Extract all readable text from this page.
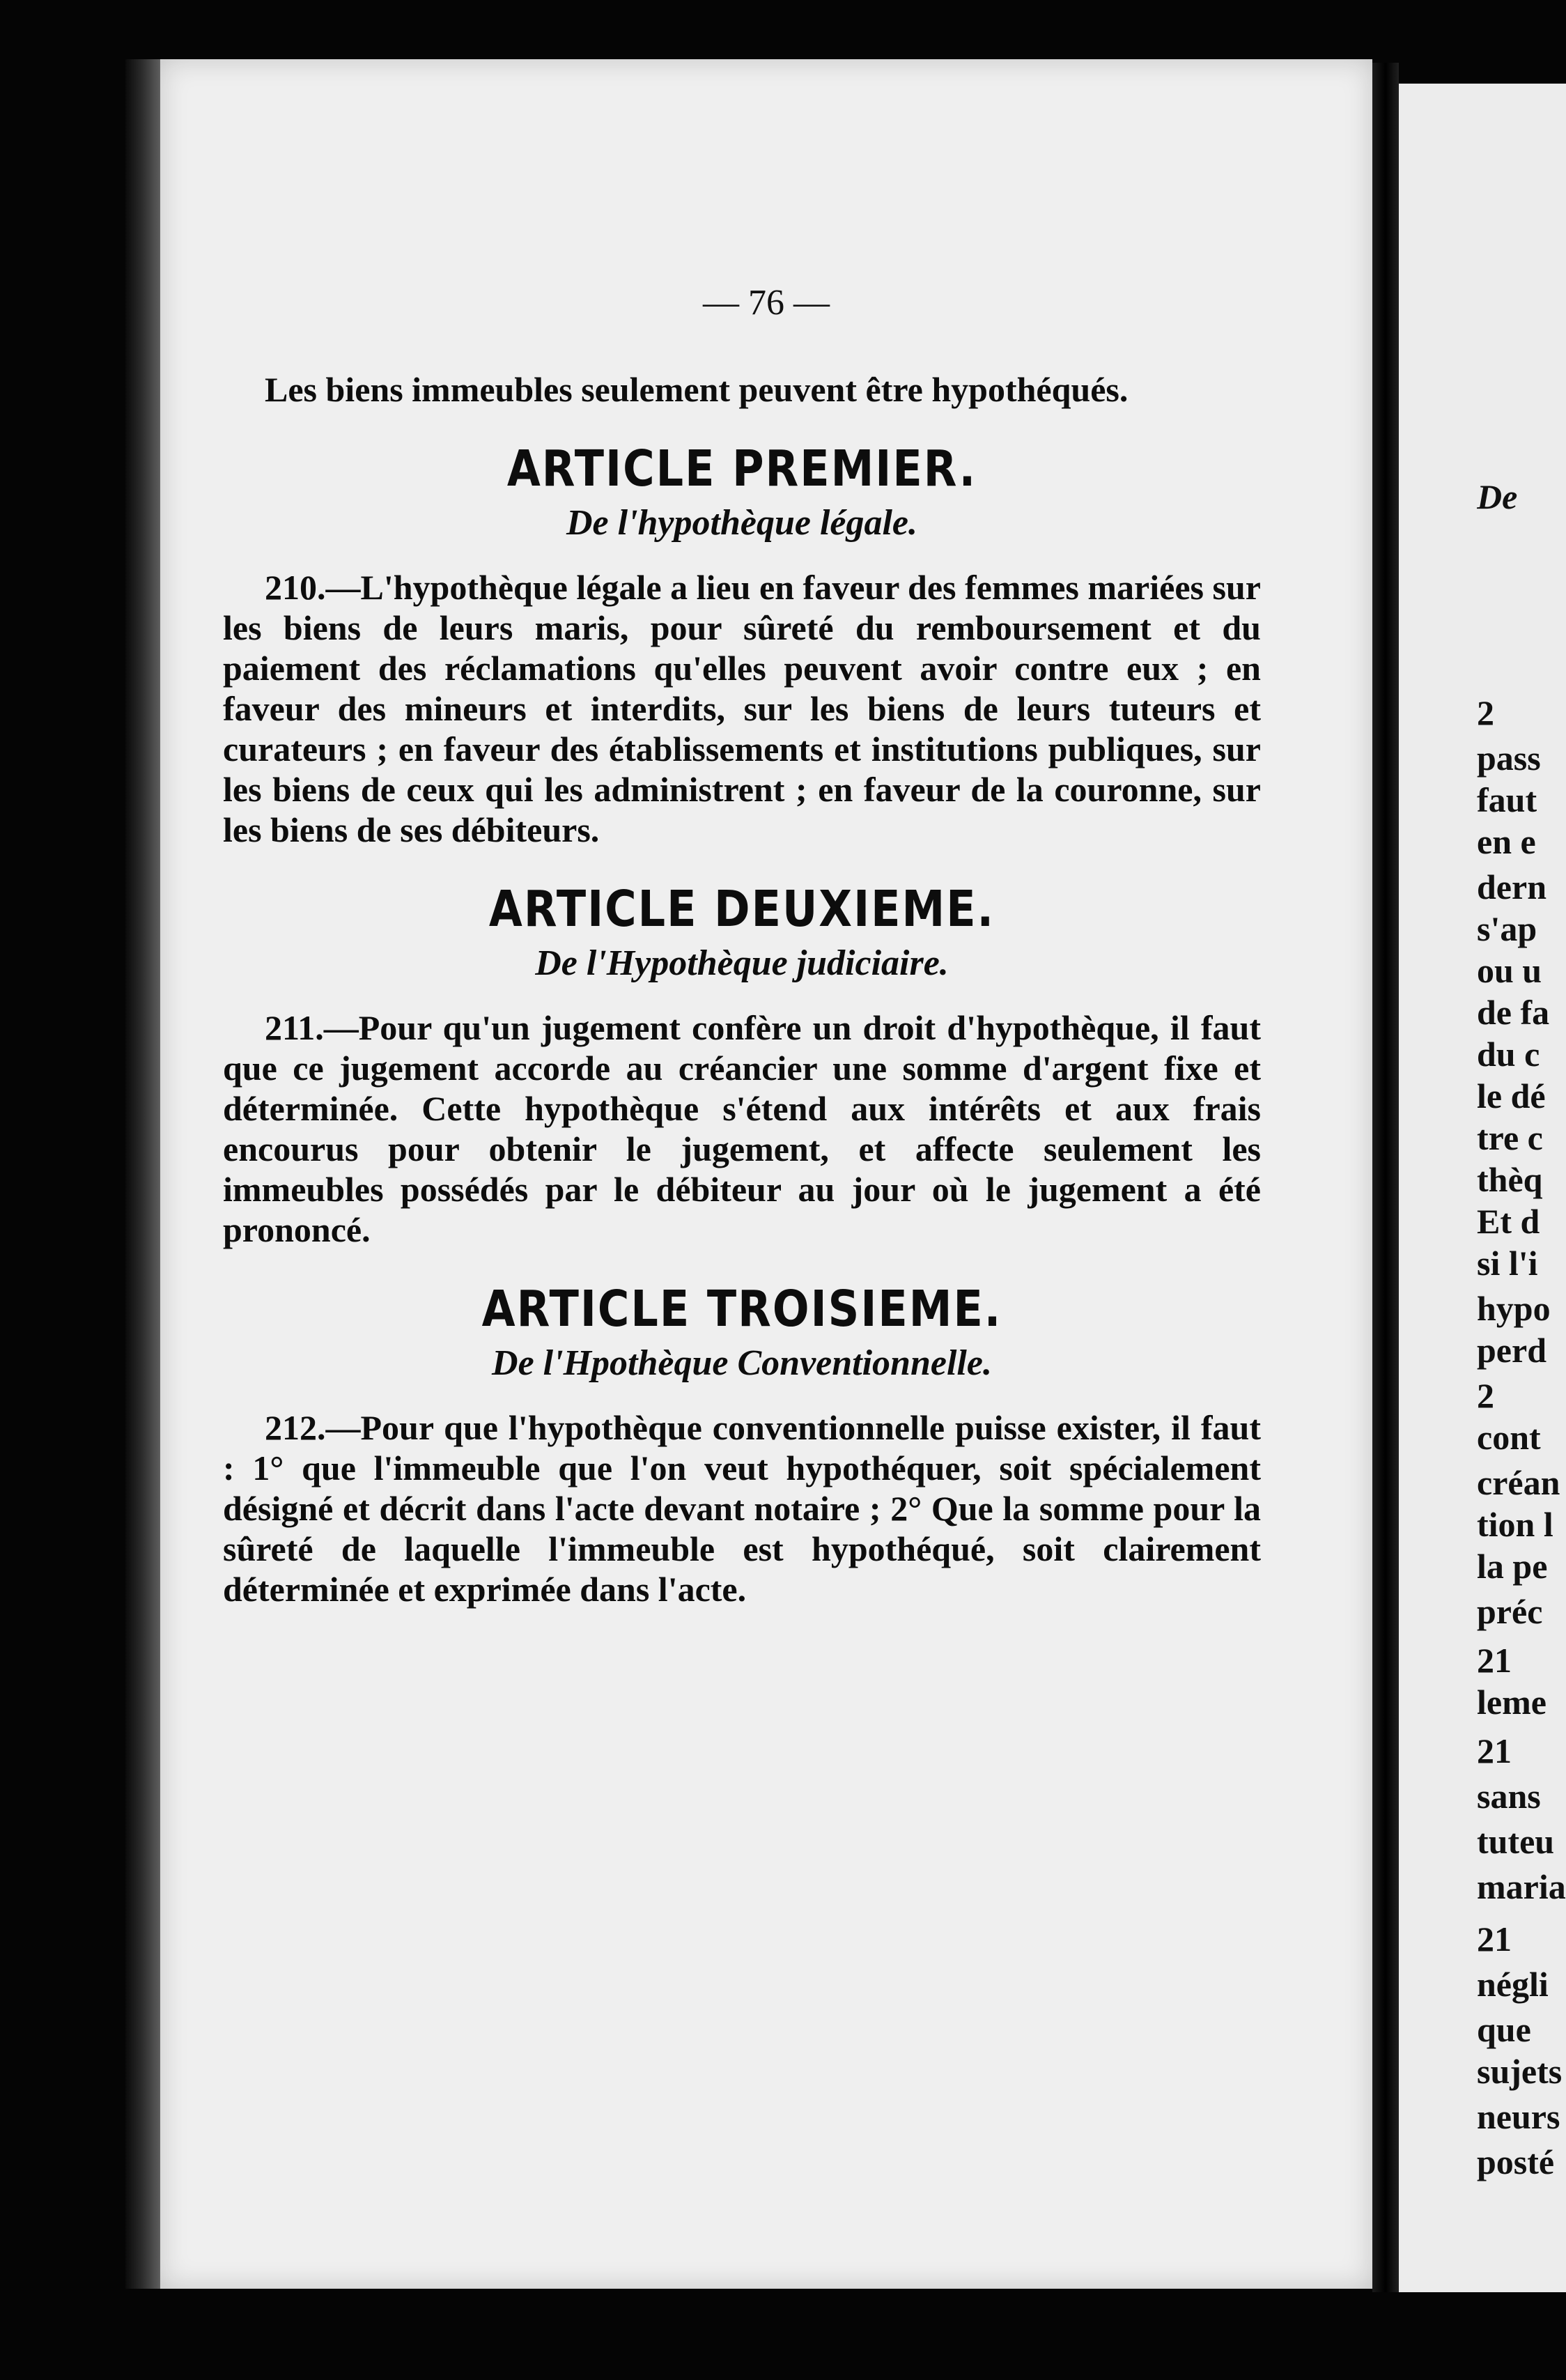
— 76 —

Les biens immeubles seulement peuvent être hypothéqués.

ARTICLE PREMIER.
De l'hypothèque légale.

210.—L'hypothèque légale a lieu en faveur des femmes mariées sur les biens de leurs maris, pour sûreté du remboursement et du paiement des réclamations qu'elles peuvent avoir contre eux ; en faveur des mineurs et interdits, sur les biens de leurs tuteurs et curateurs ; en faveur des établissements et institutions publiques, sur les biens de ceux qui les administrent ; en faveur de la couronne, sur les biens de ses débiteurs.

ARTICLE DEUXIEME.
De l'Hypothèque judiciaire.

211.—Pour qu'un jugement confère un droit d'hypothèque, il faut que ce jugement accorde au créancier une somme d'argent fixe et déterminée. Cette hypothèque s'étend aux intérêts et aux frais encourus pour obtenir le jugement, et affecte seulement les immeubles possédés par le débiteur au jour où le jugement a été prononcé.

ARTICLE TROISIEME.
De l'Hpothèque Conventionnelle.

212.—Pour que l'hypothèque conventionnelle puisse exister, il faut : 1° que l'immeuble que l'on veut hypothéquer, soit spécialement désigné et décrit dans l'acte devant notaire ; 2° Que la somme pour la sûreté de laquelle l'immeuble est hypothéqué, soit clairement déterminée et exprimée dans l'acte.

De
2
pass
faut
en e
dern
s'ap
ou u
de fa
du c
le dé
tre c
thèq
Et d
si l'i
hypo
perd
2
cont
créan
tion l
la pe
préc
21
leme
21
sans
tuteu
maria
21
négli
que
sujets
neurs
posté
